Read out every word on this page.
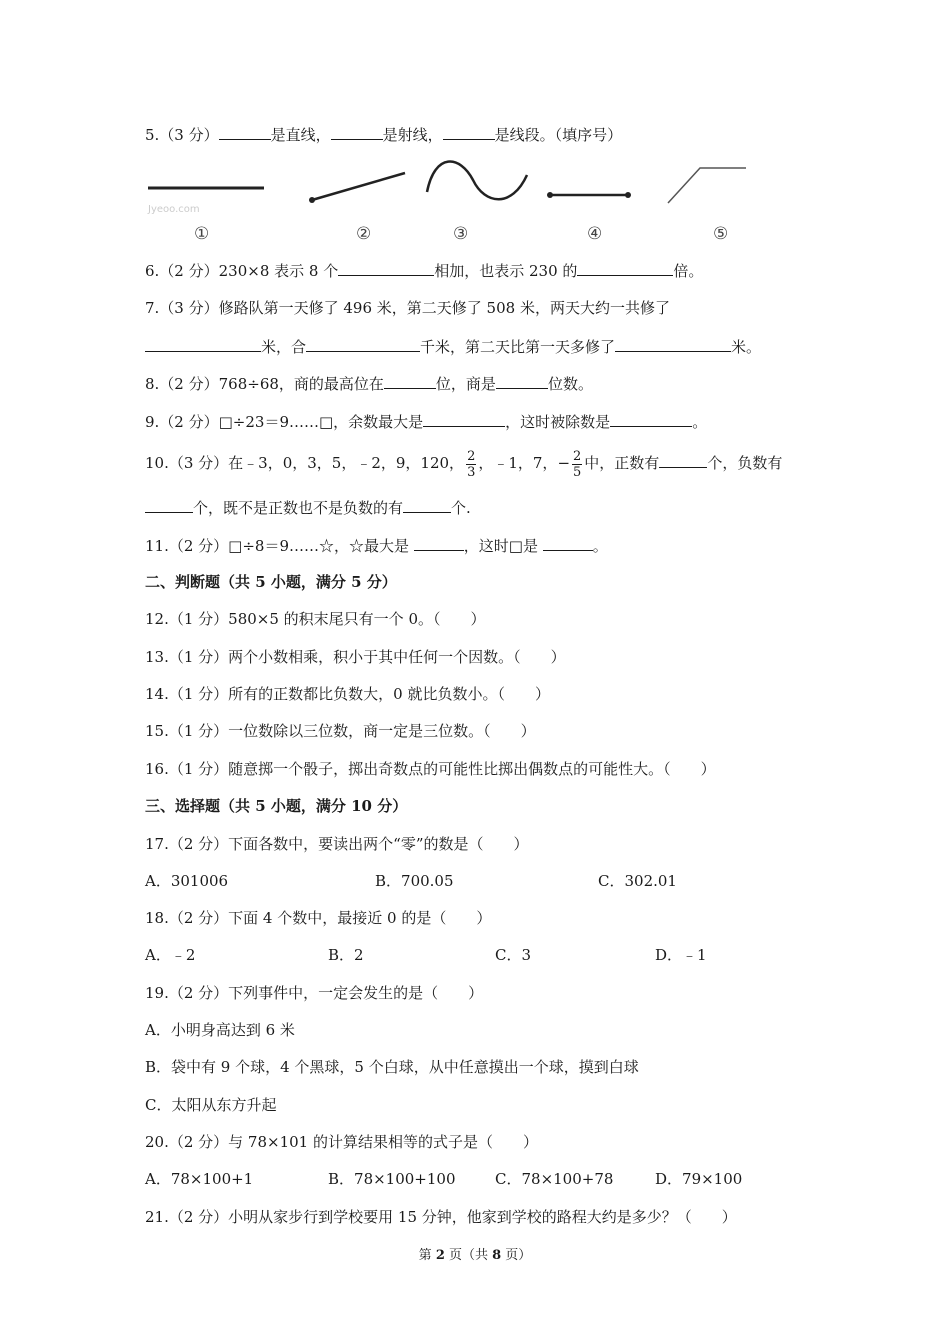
5.（3 分）	是直线，	是射线，	是线段。（填序号）
Jyeoo.com
①	②	③	④	⑤
6.（2 分）230×8 表示 8 个	相加，也表示 230 的	倍。
7.（3 分）修路队第一天修了 496 米，第二天修了 508 米，两天大约一共修了
米，合	千米，第二天比第一天多修了	米。
8.（2 分）768÷68，商的最高位在	位，商是	位数。
9.（2 分）□÷23＝9……□，余数最大是	，这时被除数是	。
10.（3 分）在﹣3，0，3，5，﹣2，9，120， $\frac{2}{3}$ ，﹣1，7，− $\frac{2}{5}$ 中，正数有	个，负数有
个，既不是正数也不是负数的有	个.
11.（2 分）□÷8＝9……☆，☆最大是	，这时□是	。
二、判断题（共 5 小题，满分 5 分）
12.（1 分）580×5 的积末尾只有一个 0。（　　）
13.（1 分）两个小数相乘，积小于其中任何一个因数。（　　）
14.（1 分）所有的正数都比负数大，0 就比负数小。（　　）
15.（1 分）一位数除以三位数，商一定是三位数。（　　）
16.（1 分）随意掷一个骰子，掷出奇数点的可能性比掷出偶数点的可能性大。（　　）
三、选择题（共 5 小题，满分 10 分）
17.（2 分）下面各数中，要读出两个“零”的数是（　　）
A．301006	B．700.05	C．302.01
18.（2 分）下面 4 个数中，最接近 0 的是（　　）
A．﹣2	B．2	C．3	D．﹣1
19.（2 分）下列事件中，一定会发生的是（　　）
A．小明身高达到 6 米
B．袋中有 9 个球，4 个黑球，5 个白球，从中任意摸出一个球，摸到白球
C．太阳从东方升起
20.（2 分）与 78×101 的计算结果相等的式子是（　　）
A．78×100+1	B．78×100+100	C．78×100+78	D．79×100
21.（2 分）小明从家步行到学校要用 15 分钟，他家到学校的路程大约是多少？（　　）
第 2 页（共 8 页）
